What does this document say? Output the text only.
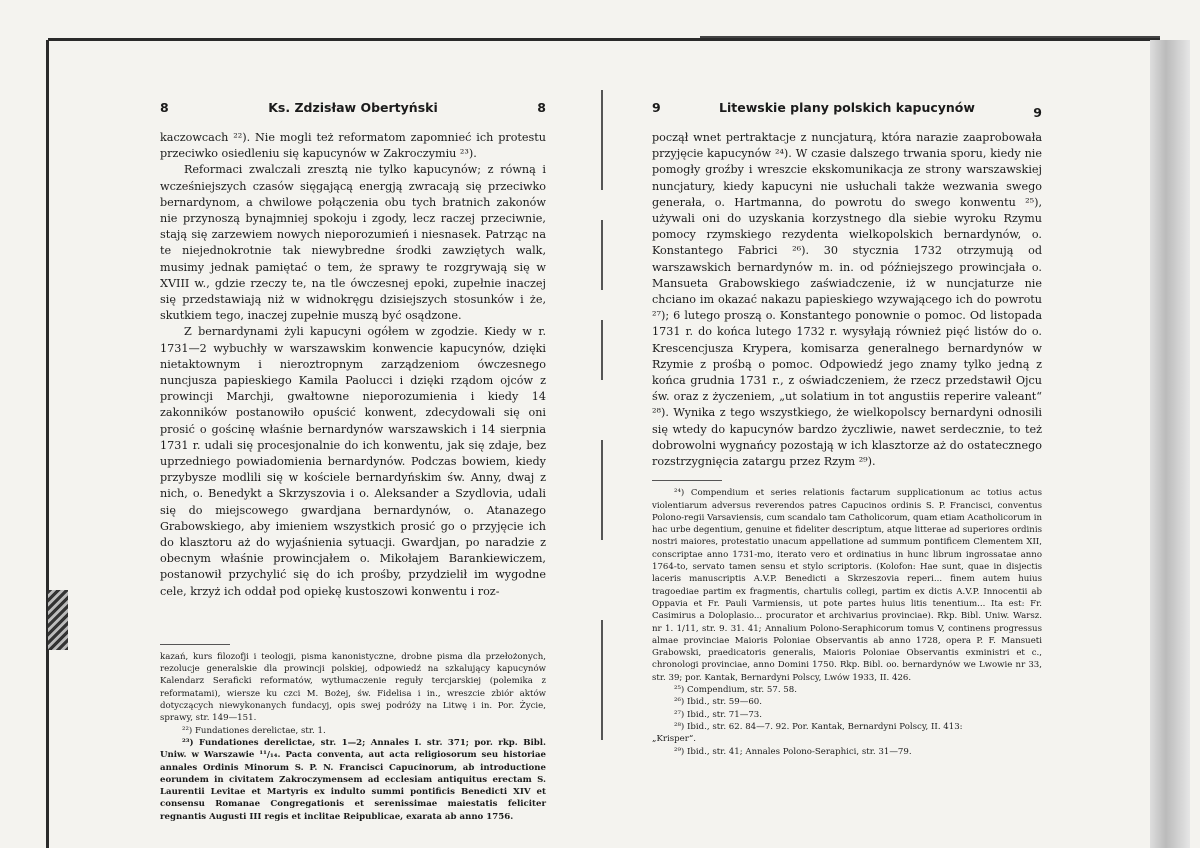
8	Ks. Zdzisław Obertyński	8

kaczowcach ²²). Nie mogli też reformatom zapomnieć ich protestu przeciwko osiedleniu się kapucynów w Zakroczymiu ²³).

Reformaci zwalczali zresztą nie tylko kapucynów; z równą i wcześniejszych czasów sięgającą energją zwracają się przeciwko bernardynom, a chwilowe połączenia obu tych bratnich zakonów nie przynoszą bynajmniej spokoju i zgody, lecz raczej przeciwnie, stają się zarzewiem nowych nieporozumień i niesnasek. Patrząc na te niejednokrotnie tak niewybredne środki zawziętych walk, musimy jednak pamiętać o tem, że sprawy te rozgrywają się w XVIII w., gdzie rzeczy te, na tle ówczesnej epoki, zupełnie inaczej się przedstawiają niż w widnokręgu dzisiejszych stosunków i że, skutkiem tego, inaczej zupełnie muszą być osądzone.

Z bernardynami żyli kapucyni ogółem w zgodzie. Kiedy w r. 1731—2 wybuchły w warszawskim konwencie kapucynów, dzięki nietaktownym i nieroztropnym zarządzeniom ówczesnego nuncjusza papieskiego Kamila Paolucci i dzięki rządom ojców z prowincji Marchji, gwałtowne nieporozumienia i kiedy 14 zakonników postanowiło opuścić konwent, zdecydowali się oni prosić o gościnę właśnie bernardynów warszawskich i 14 sierpnia 1731 r. udali się procesjonalnie do ich konwentu, jak się zdaje, bez uprzedniego powiadomienia bernardynów. Podczas bowiem, kiedy przybysze modlili się w kościele bernardyńskim św. Anny, dwaj z nich, o. Benedykt a Skrzyszovia i o. Aleksander a Szydlovia, udali się do miejscowego gwardjana bernardynów, o. Atanazego Grabowskiego, aby imieniem wszystkich prosić go o przyjęcie ich do klasztoru aż do wyjaśnienia sytuacji. Gwardjan, po naradzie z obecnym właśnie prowincjałem o. Mikołajem Barankiewiczem, postanowił przychylić się do ich prośby, przydzielił im wygodne cele, krzyż ich oddał pod opiekę kustoszowi konwentu i roz-

kazań, kurs filozofji i teologji, pisma kanonistyczne, drobne pisma dla przełożonych, rezolucje generalskie dla prowincji polskiej, odpowiedź na szkalujący kapucynów Kalendarz Seraficki reformatów, wytłumaczenie reguły tercjarskiej (polemika z reformatami), wiersze ku czci M. Bożej, św. Fidelisa i in., wreszcie zbiór aktów dotyczących niewykonanych fundacyj, opis swej podróży na Litwę i in. Por. Życie, sprawy, str. 149—151.

²²) Fundationes derelictae, str. 1.

²³) Fundationes derelictae, str. 1—2; Annales I. str. 371; por. rkp. Bibl. Uniw. w Warszawie ¹¹/₁₄. Pacta conventa, aut acta religiosorum seu historiae annales Ordinis Minorum S. P. N. Francisci Capucinorum, ab introductione eorundem in civitatem Zakroczymensem ad ecclesiam antiquitus erectam S. Laurentii Levitae et Martyris ex indulto summi pontificis Benedicti XIV et consensu Romanae Congregationis et serenissimae maiestatis feliciter regnantis Augusti III regis et inclitae Reipublicae, exarata ab anno 1756.

9	Litewskie plany polskich kapucynów	9

począł wnet pertraktacje z nuncjaturą, która narazie zaaprobowała przyjęcie kapucynów ²⁴). W czasie dalszego trwania sporu, kiedy nie pomogły groźby i wreszcie ekskomunikacja ze strony warszawskiej nuncjatury, kiedy kapucyni nie usłuchali także wezwania swego generała, o. Hartmanna, do powrotu do swego konwentu ²⁵), używali oni do uzyskania korzystnego dla siebie wyroku Rzymu pomocy rzymskiego rezydenta wielkopolskich bernardynów, o. Konstantego Fabrici ²⁶). 30 stycznia 1732 otrzymują od warszawskich bernardynów m. in. od późniejszego prowincjała o. Mansueta Grabowskiego zaświadczenie, iż w nuncjaturze nie chciano im okazać nakazu papieskiego wzywającego ich do powrotu ²⁷); 6 lutego proszą o. Konstantego ponownie o pomoc. Od listopada 1731 r. do końca lutego 1732 r. wysyłają również pięć listów do o. Krescencjusza Krypera, komisarza generalnego bernardynów w Rzymie z prośbą o pomoc. Odpowiedź jego znamy tylko jedną z końca grudnia 1731 r., z oświadczeniem, że rzecz przedstawił Ojcu św. oraz z życzeniem, „ut solatium in tot angustiis reperire valeant“ ²⁸). Wynika z tego wszystkiego, że wielkopolscy bernardyni odnosili się wtedy do kapucynów bardzo życzliwie, nawet serdecznie, to też dobrowolni wygnańcy pozostają w ich klasztorze aż do ostatecznego rozstrzygnięcia zatargu przez Rzym ²⁹).

²⁴) Compendium et series relationis factarum supplicationum ac totius actus violentiarum adversus reverendos patres Capucinos ordinis S. P. Francisci, conventus Polono-regii Varsaviensis, cum scandalo tam Catholicorum, quam etiam Acatholicorum in hac urbe degentium, genuine et fideliter descriptum, atque litterae ad superiores ordinis nostri maiores, protestatio unacum appellatione ad summum pontificem Clementem XII, conscriptae anno 1731-mo, iterato vero et ordinatius in hunc librum ingrossatae anno 1764-to, servato tamen sensu et stylo scriptoris. (Kolofon: Hae sunt, quae in disjectis laceris manuscriptis A.V.P. Benedicti a Skrzeszovia reperi... finem autem huius tragoediae partim ex fragmentis, chartulis collegi, partim ex dictis A.V.P. Innocentii ab Oppavia et Fr. Pauli Varmiensis, ut pote partes huius litis tenentium... Ita est: Fr. Casimirus a Doloplasio... procurator et archivarius provinciae). Rkp. Bibl. Uniw. Warsz. nr 1. 1/11, str. 9. 31. 41; Annalium Polono-Seraphicorum tomus V, continens progressus almae provinciae Maioris Poloniae Observantis ab anno 1728, opera P. F. Mansueti Grabowski, praedicatoris generalis, Maioris Poloniae Observantis exministri et c., chronologi provinciae, anno Domini 1750. Rkp. Bibl. oo. bernardynów we Lwowie nr 33, str. 39; por. Kantak, Bernardyni Polscy, Lwów 1933, II. 426.

²⁵) Compendium, str. 57. 58.

²⁶) Ibid., str. 59—60.

²⁷) Ibid., str. 71—73.

²⁸) Ibid., str. 62. 84—7. 92. Por. Kantak, Bernardyni Polscy, II. 413:

„Krisper“.

²⁹) Ibid., str. 41; Annales Polono-Seraphici, str. 31—79.
